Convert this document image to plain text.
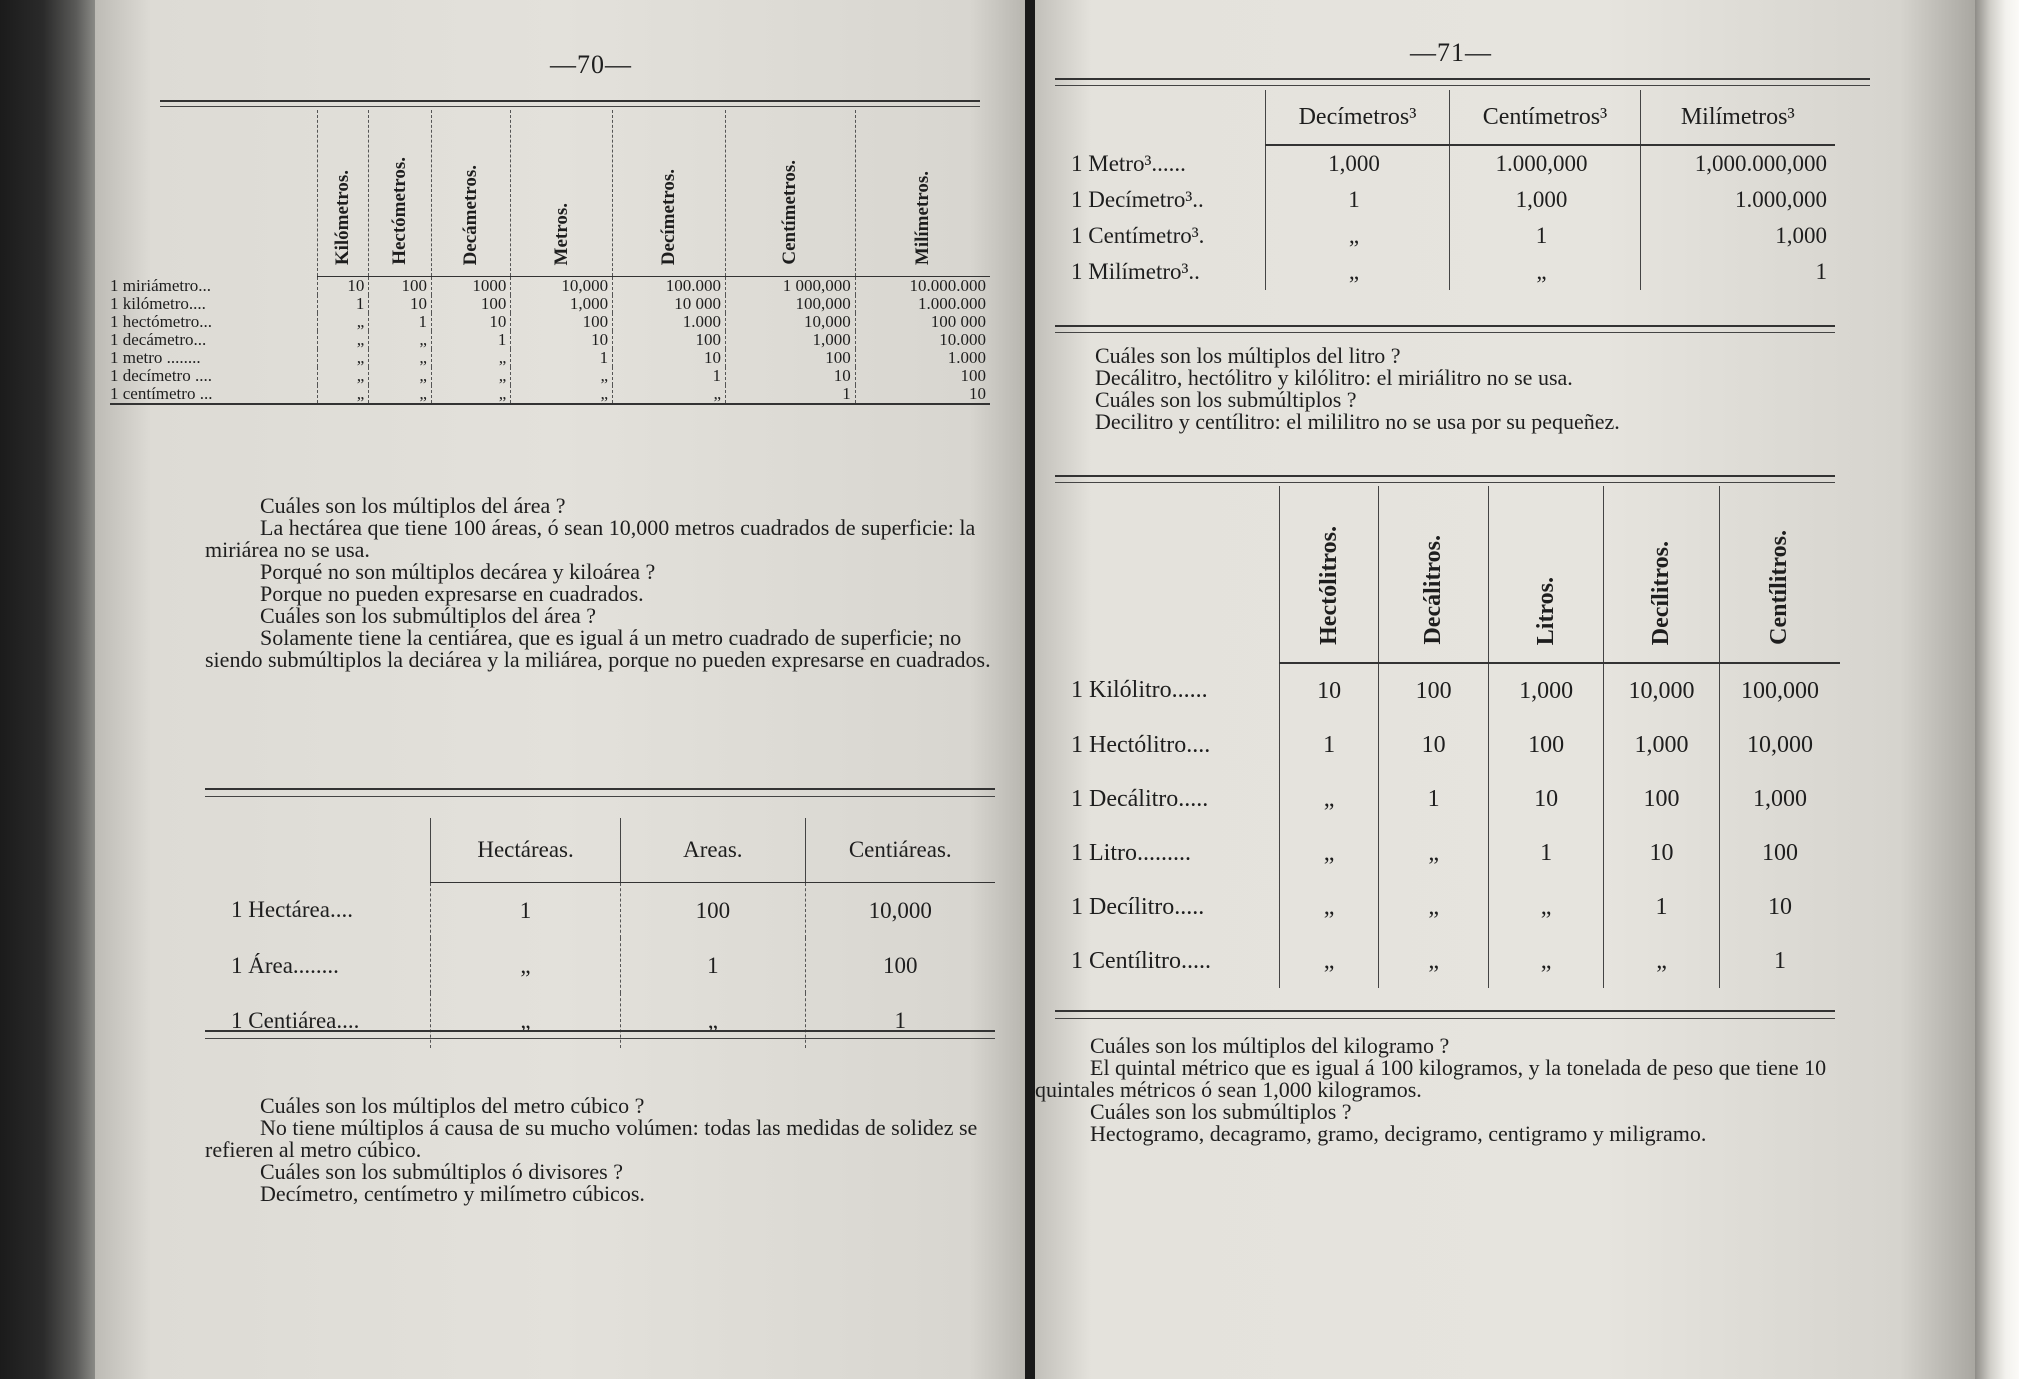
—70—
	Kilómetros.	Hectómetros.	Decámetros.	Metros.	Decímetros.	Centímetros.	Milímetros.
1 miriámetro...	10	100	1000	10,000	100.000	1 000,000	10.000.000
1 kilómetro....	1	10	100	1,000	10 000	100,000	1.000.000
1 hectómetro...	„	1	10	100	1.000	10,000	100 000
1 decámetro...	„	„	1	10	100	1,000	10.000
1 metro ........	„	„	„	1	10	100	1.000
1 decímetro ....	„	„	„	„	1	10	100
1 centímetro ...	„	„	„	„	„	1	10

Cuáles son los múltiplos del área ?

La hectárea que tiene 100 áreas, ó sean 10,000 metros cuadrados de superficie: la miriárea no se usa.

Porqué no son múltiplos decárea y kiloárea ?

Porque no pueden expresarse en cuadrados.

Cuáles son los submúltiplos del área ?

Solamente tiene la centiárea, que es igual á un metro cuadrado de superficie; no siendo submúltiplos la deciárea y la miliárea, porque no pueden expresarse en cuadrados.

	Hectáreas.	Areas.	Centiáreas.
1 Hectárea....	1	100	10,000
1 Área........	„	1	100
1 Centiárea....	„	„	1

Cuáles son los múltiplos del metro cúbico ?

No tiene múltiplos á causa de su mucho volúmen: todas las medidas de solidez se refieren al metro cúbico.

Cuáles son los submúltiplos ó divisores ?

Decímetro, centímetro y milímetro cúbicos.

—71—
	Decímetros³	Centímetros³	Milímetros³
1 Metro³......	1,000	1.000,000	1,000.000,000
1 Decímetro³..	1	1,000	1.000,000
1 Centímetro³.	„	1	1,000
1 Milímetro³..	„	„	1

Cuáles son los múltiplos del litro ?

Decálitro, hectólitro y kilólitro: el miriálitro no se usa.

Cuáles son los submúltiplos ?

Decilitro y centílitro: el mililitro no se usa por su pequeñez.

	Hectólitros.	Decálitros.	Litros.	Decílitros.	Centílitros.
1 Kilólitro......	10	100	1,000	10,000	100,000
1 Hectólitro....	1	10	100	1,000	10,000
1 Decálitro.....	„	1	10	100	1,000
1 Litro.........	„	„	1	10	100
1 Decílitro.....	„	„	„	1	10
1 Centílitro.....	„	„	„	„	1

Cuáles son los múltiplos del kilogramo ?

El quintal métrico que es igual á 100 kilogramos, y la tonelada de peso que tiene 10 quintales métricos ó sean 1,000 kilogramos.

Cuáles son los submúltiplos ?

Hectogramo, decagramo, gramo, decigramo, centigramo y miligramo.
